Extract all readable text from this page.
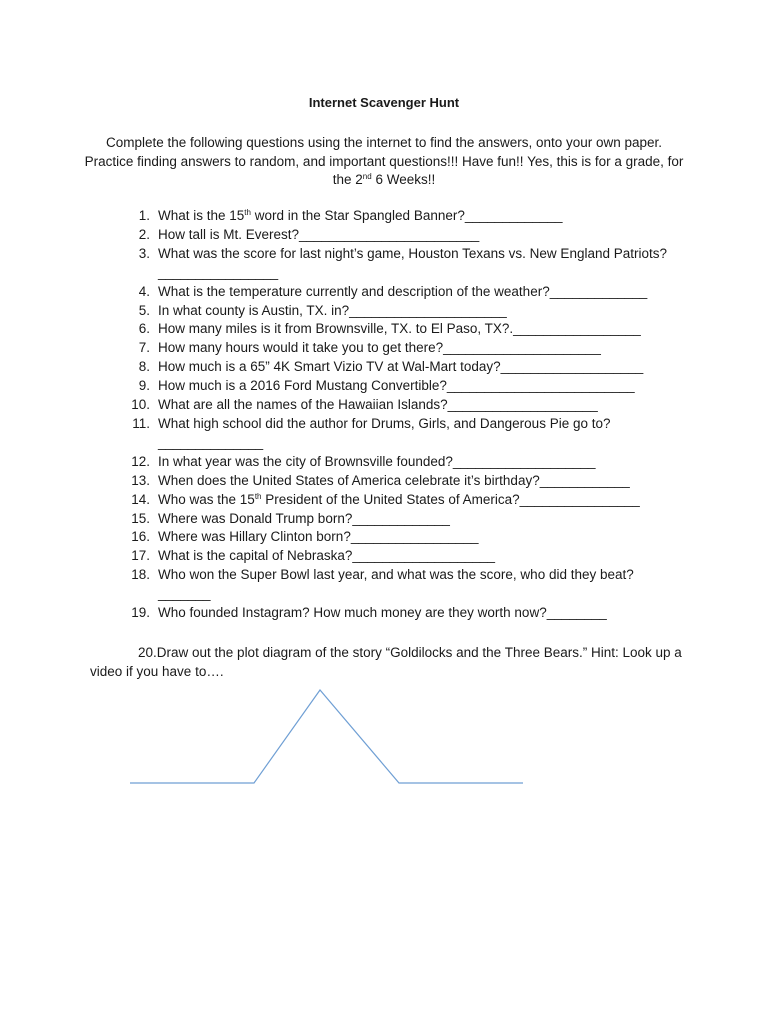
Internet Scavenger Hunt
Complete the following questions using the internet to find the answers, onto your own paper. Practice finding answers to random, and important questions!!! Have fun!! Yes, this is for a grade, for the 2nd 6 Weeks!!
1. What is the 15th word in the Star Spangled Banner?_____________
2. How tall is Mt. Everest?________________________
3. What was the score for last night’s game, Houston Texans vs. New England Patriots?________________
4. What is the temperature currently and description of the weather?_____________
5. In what county is Austin, TX. in?_____________________
6. How many miles is it from Brownsville, TX. to El Paso, TX?._________________
7. How many hours would it take you to get there?_____________________
8. How much is a 65” 4K Smart Vizio TV at Wal-Mart today?___________________
9. How much is a 2016 Ford Mustang Convertible?_________________________
10. What are all the names of the Hawaiian Islands?____________________
11. What high school did the author for Drums, Girls, and Dangerous Pie go to?______________
12. In what year was the city of Brownsville founded?___________________
13. When does the United States of America celebrate it’s birthday?____________
14. Who was the 15th President of the United States of America?________________
15. Where was Donald Trump born?_____________
16. Where was Hillary Clinton born?_________________
17. What is the capital of Nebraska?___________________
18. Who won the Super Bowl last year, and what was the score, who did they beat?_______
19. Who founded Instagram? How much money are they worth now?________
20.Draw out the plot diagram of the story “Goldilocks and the Three Bears.” Hint: Look up a video if you have to….
